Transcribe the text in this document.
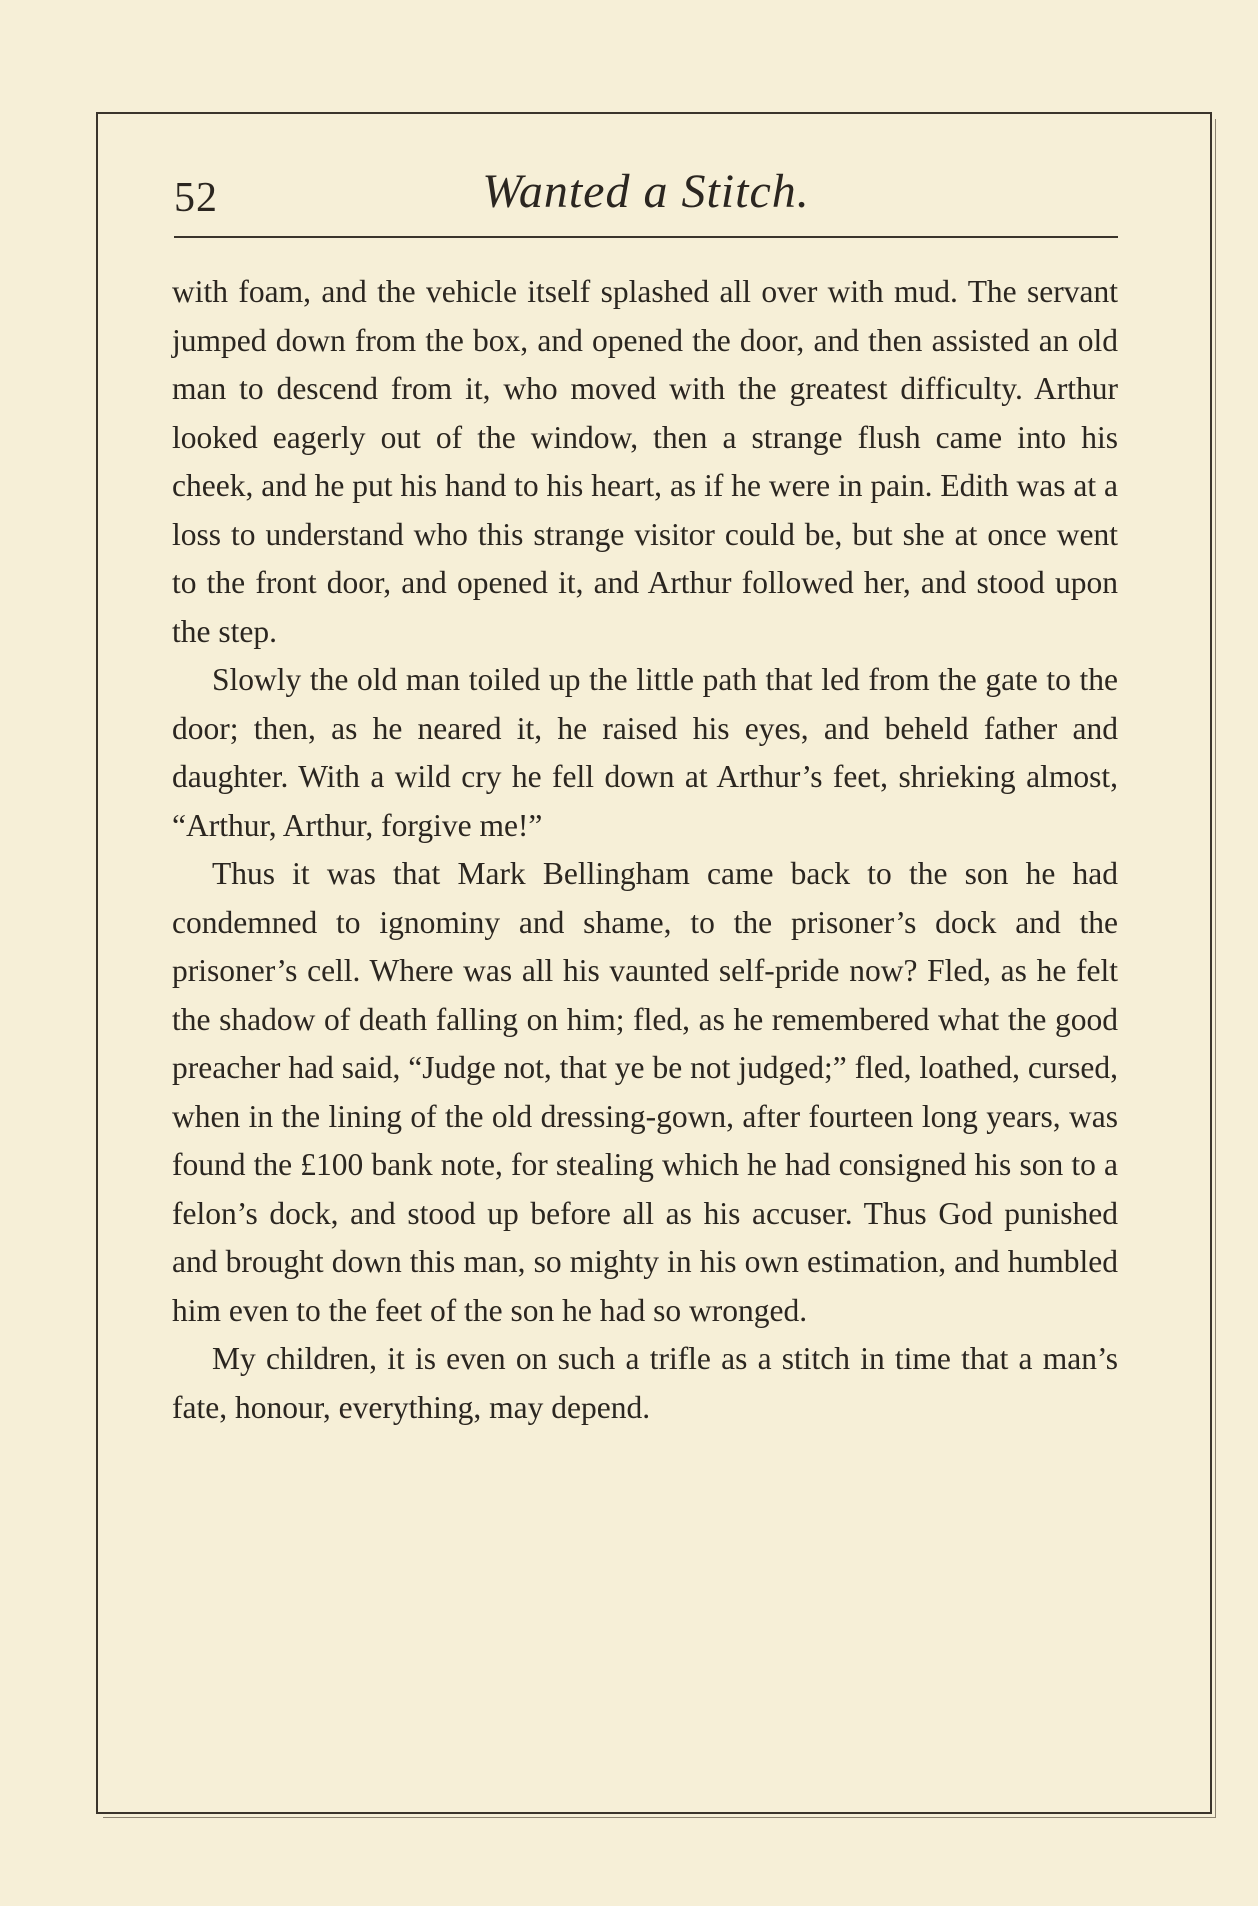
52	Wanted a Stitch.

with foam, and the vehicle itself splashed all over with mud. The servant jumped down from the box, and opened the door, and then assisted an old man to descend from it, who moved with the greatest difficulty. Arthur looked eagerly out of the window, then a strange flush came into his cheek, and he put his hand to his heart, as if he were in pain. Edith was at a loss to understand who this strange visitor could be, but she at once went to the front door, and opened it, and Arthur followed her, and stood upon the step.

Slowly the old man toiled up the little path that led from the gate to the door; then, as he neared it, he raised his eyes, and beheld father and daughter. With a wild cry he fell down at Arthur’s feet, shrieking almost, “Arthur, Arthur, forgive me!”

Thus it was that Mark Bellingham came back to the son he had condemned to ignominy and shame, to the prisoner’s dock and the prisoner’s cell. Where was all his vaunted self-pride now? Fled, as he felt the shadow of death falling on him; fled, as he remembered what the good preacher had said, “Judge not, that ye be not judged;” fled, loathed, cursed, when in the lining of the old dressing-gown, after fourteen long years, was found the £100 bank note, for stealing which he had consigned his son to a felon’s dock, and stood up before all as his accuser. Thus God punished and brought down this man, so mighty in his own estimation, and humbled him even to the feet of the son he had so wronged.

My children, it is even on such a trifle as a stitch in time that a man’s fate, honour, everything, may depend.
